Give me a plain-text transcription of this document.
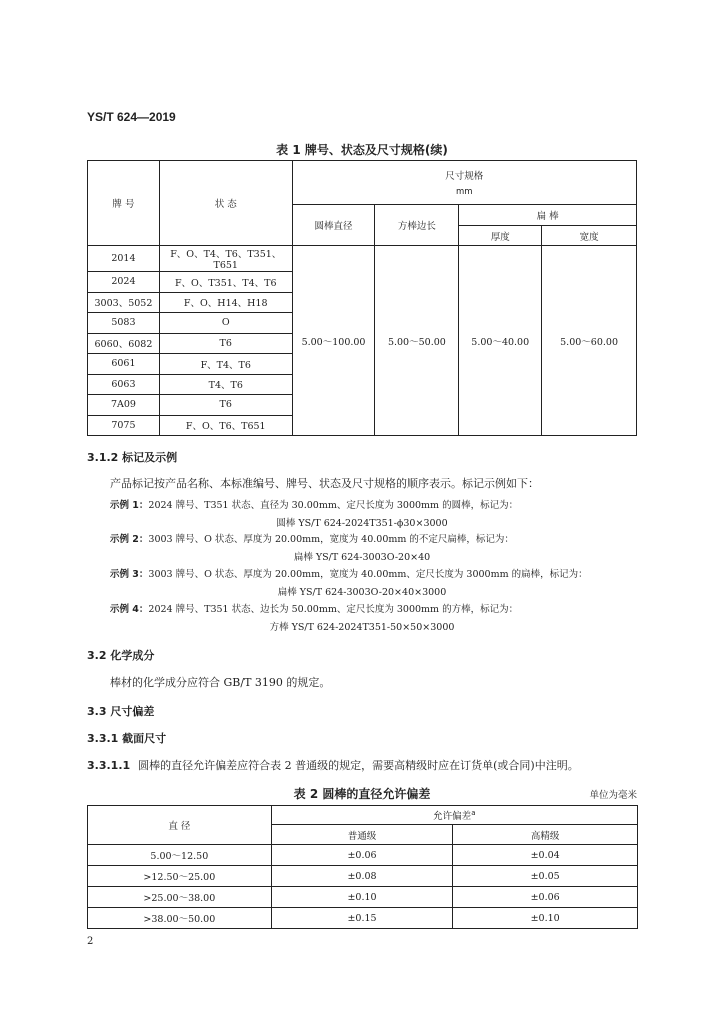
YS/T 624—2019
表 1 牌号、状态及尺寸规格(续)
牌 号	状 态	尺寸规格
mm			

		圆棒直径	方棒边长	扁 棒	
				厚度	宽度
2014	F、O、T4、T6、T351、T651	5.00～100.00	5.00～50.00	5.00～40.00	5.00～60.00
2024	F、O、T351、T4、T6				
3003、5052	F、O、H14、H18				
5083	O				
6060、6082	T6				
6061	F、T4、T6				
6063	T4、T6				
7A09	T6				
7075	F、O、T6、T651				
3.1.2 标记及示例
产品标记按产品名称、本标准编号、牌号、状态及尺寸规格的顺序表示。标记示例如下：
示例 1：2024 牌号、T351 状态、直径为 30.00mm、定尺长度为 3000mm 的圆棒，标记为：
圆棒 YS/T 624-2024T351-ϕ30×3000
示例 2：3003 牌号、O 状态、厚度为 20.00mm，宽度为 40.00mm 的不定尺扁棒，标记为：
扁棒 YS/T 624-3003O-20×40
示例 3：3003 牌号、O 状态、厚度为 20.00mm，宽度为 40.00mm、定尺长度为 3000mm 的扁棒，标记为：
扁棒 YS/T 624-3003O-20×40×3000
示例 4：2024 牌号、T351 状态、边长为 50.00mm、定尺长度为 3000mm 的方棒，标记为：
方棒 YS/T 624-2024T351-50×50×3000
3.2 化学成分
棒材的化学成分应符合 GB/T 3190 的规定。
3.3 尺寸偏差
3.3.1 截面尺寸
3.3.1.1 圆棒的直径允许偏差应符合表 2 普通级的规定，需要高精级时应在订货单(或合同)中注明。
表 2 圆棒的直径允许偏差	单位为毫米
直 径	允许偏差$^a$
	普通级	高精级
5.00～12.50	±0.06	±0.04
>12.50～25.00	±0.08	±0.05
>25.00～38.00	±0.10	±0.06
>38.00～50.00	±0.15	±0.10
2
